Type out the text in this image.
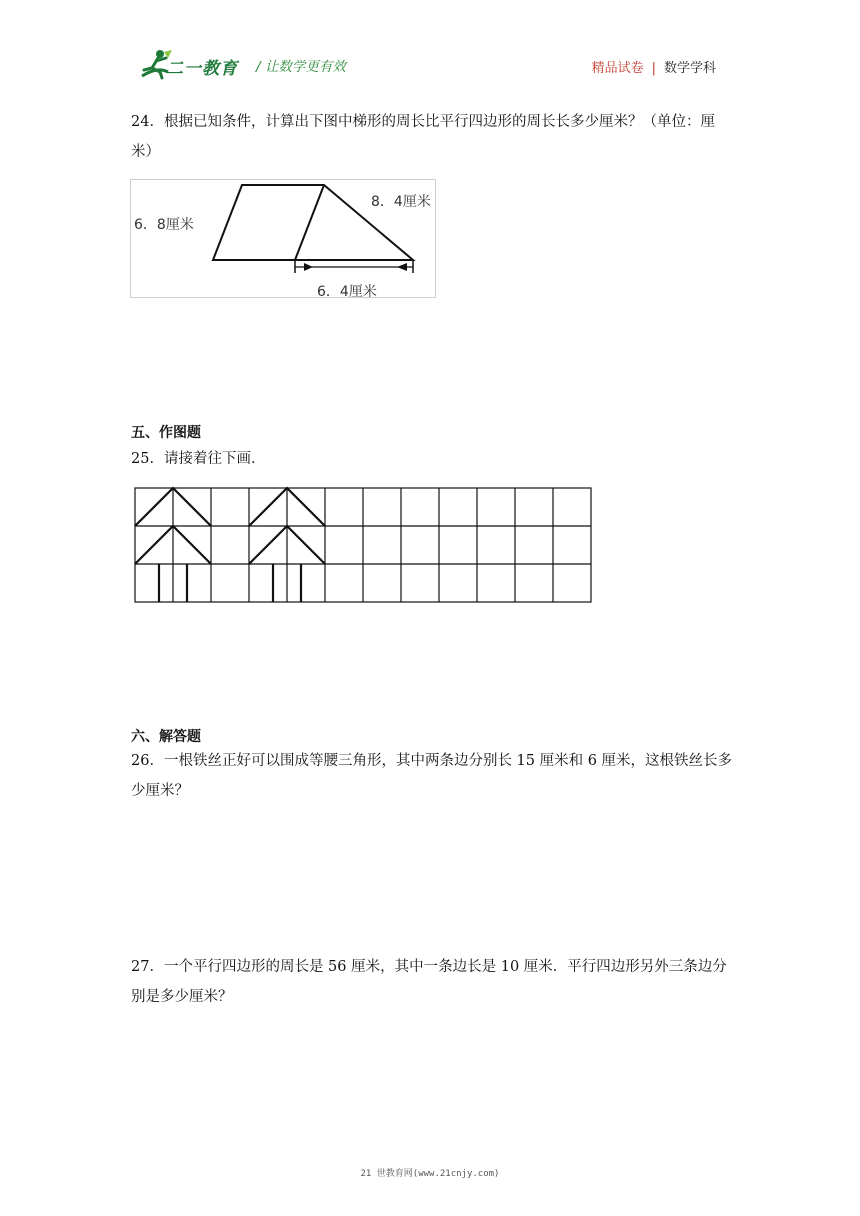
二一教育 / 让数学更有效	精品试卷 | 数学学科
24．根据已知条件，计算出下图中梯形的周长比平行四边形的周长长多少厘米？（单位：厘米）
6．8厘米
8．4厘米
6．4厘米
五、作图题
25．请接着往下画．
六、解答题
26．一根铁丝正好可以围成等腰三角形，其中两条边分别长 15 厘米和 6 厘米，这根铁丝长多少厘米？
27．一个平行四边形的周长是 56 厘米，其中一条边长是 10 厘米．平行四边形另外三条边分别是多少厘米？
21 世教育网(www.21cnjy.com)
